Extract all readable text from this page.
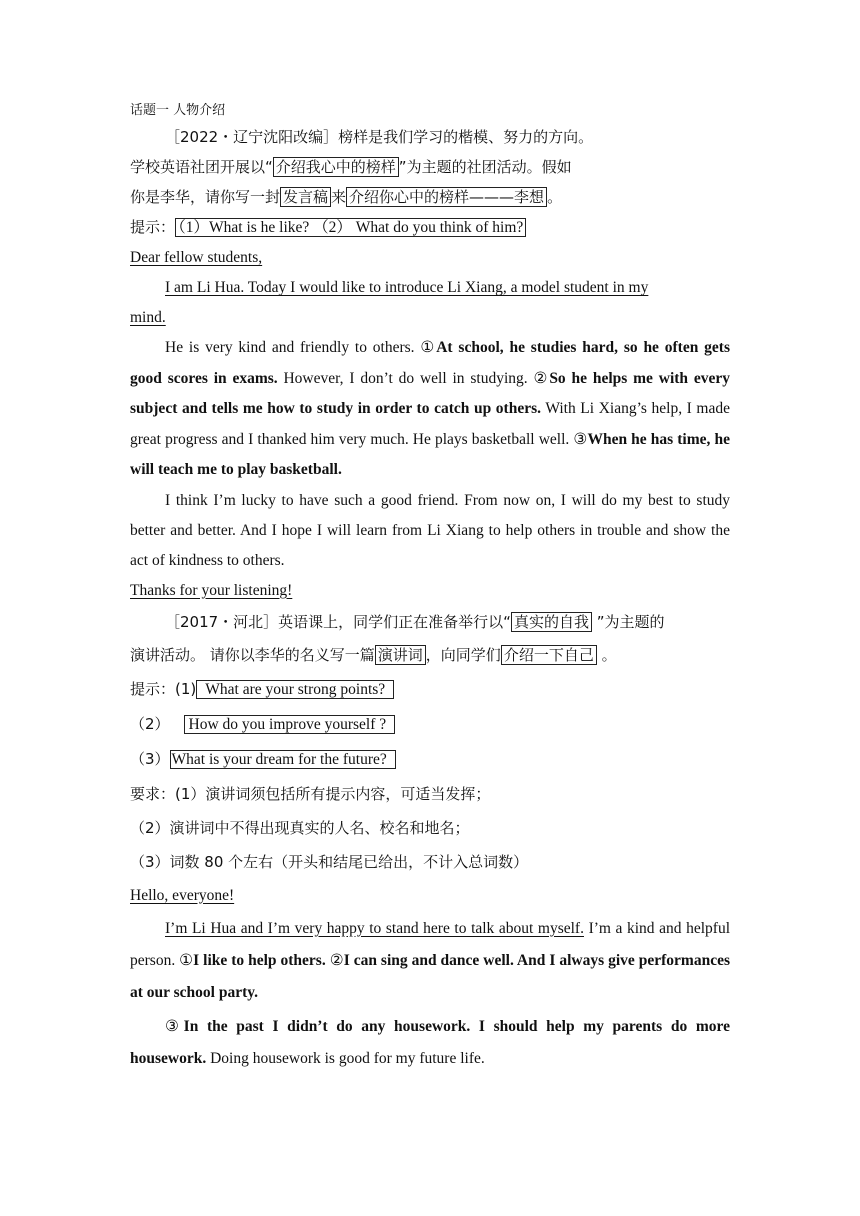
话题一 人物介绍
［2022・辽宁沈阳改编］榜样是我们学习的楷模、努力的方向。
学校英语社团开展以“ 介绍我心中的榜样 ”为主题的社团活动。假如
你是李华，请你写一封 发言稿 来 介绍你心中的榜样———李想 。
提示： （1）What is he like? （2） What do you think of him?
Dear fellow students,
I am Li Hua. Today I would like to introduce Li Xiang, a model student in my
mind.
He is very kind and friendly to others. ①At school, he studies hard, so he often gets good scores in exams. However, I don’t do well in studying. ②So he helps me with every subject and tells me how to study in order to catch up others. With Li Xiang’s help, I made great progress and I thanked him very much. He plays basketball well. ③When he has time, he will teach me to play basketball.
I think I’m lucky to have such a good friend. From now on, I will do my best to study better and better. And I hope I will learn from Li Xiang to help others in trouble and show the act of kindness to others.
Thanks for your listening!
［2017・河北］英语课上，同学们正在准备举行以“ 真实的自我 ”为主题的
演讲活动。 请你以李华的名义写一篇 演讲词 ，向同学们 介绍一下自己 。
提示：(1) What are your strong points?
（2） How do you improve yourself ?
（3） What is your dream for the future?
要求：(1）演讲词须包括所有提示内容，可适当发挥；
（2）演讲词中不得出现真实的人名、校名和地名；
（3）词数 80 个左右（开头和结尾已给出，不计入总词数）
Hello, everyone!
I’m Li Hua and I’m very happy to stand here to talk about myself. I’m a kind and helpful person. ①I like to help others. ②I can sing and dance well. And I always give performances at our school party.
③In the past I didn’t do any housework. I should help my parents do more housework. Doing housework is good for my future life.
